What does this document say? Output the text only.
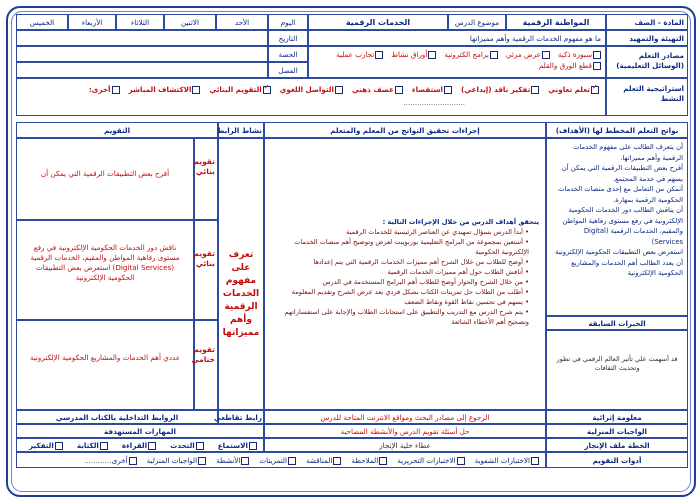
المادة - الصف
المواطنة الرقمية
موضوع الدرس
الخدمات الرقمية
اليوم
الأحد
الاثنين
الثلاثاء
الأربعاء
الخميس
التهيئة والتمهيد
ما هو مفهوم الخدمات الرقمية وأهم مميزاتها
التاريخ
مصادر التعلم (الوسائل التعليمية)
سبورة ذكية
عرض مرئي
برامج الكترونية
أوراق نشاط
تجارب عملية
قطع الورق والقلم
الحصة
الفصل
استراتيجية التعلم النشط
✓تعلم تعاوني
تفكير ناقد (إبداعي)
استقصاء
عصف ذهني
التواصل اللغوي
✓التقويم البنائي
الاكتشاف المباشر
أخرى:
...........................
نواتج التعلم المخطط لها (الأهداف)
إجراءات تحقيق النواتج من المعلم والمتعلم
نشاط الرابط
التقويم
أن يتعرف الطالب على مفهوم الخدمات الرقمية وأهم مميزاتها.
أقرح بعض التطبيقات الرقمية التي يمكن أن يسهم في خدمة المجتمع.
أتمكن من التعامل مع إحدى منصات الخدمات الحكومية الرقمية بمهارة.
أن يناقش الطالب دور الخدمات الحكومية الإلكترونية في رفع مستوى رفاهية المواطن والمقيم، الخدمات الرقمية (Digital Services)
استعرض بعض التطبيقات الحكومية الإلكترونية
أن يعدد الطالب أهم الخدمات والمشاريع الحكومية الإلكترونية
الخبرات السابقة
قد أسهمت علي تأثير العالم الرقمي في تطور وتحديث الثقافات
يتحقق أهداف الدرس من خلال الإجراءات التالية :
• أبدأ الدرس بسؤال تمهيدي عن العناصر الرئيسية للخدمات الرقمية
• أستعين بمجموعة من البرامج التعليمية بوربوينت لعرض وتوضيح أهم منصات الخدمات الإلكترونية الحكومية
• أوضح للطلاب من خلال الشرح أهم مميزات الخدمات الرقمية التي يتم إعدادها
• أناقش الطلاب حول أهم مميزات الخدمات الرقمية
• من خلال الشرح والحوار أوضح للطلاب أهم البرامج المستخدمة في الدرس
• أطلب من الطلاب حل تمرينات الكتاب بشكل فردي بعد عرض الشرح وتقديم المعلومة
• يسهم في تحسين نقاط القوة ونقاط الضعف
• يتم شرح الدرس مع التدريب والتطبيق على استجابات الطلاب والإجابة على استفساراتهم وتصحيح أهم الأخطاء الشائعة
تعرف على مفهوم الخدمات الرقمية وأهم مميزاتها
تقويم بنائي
تقويم بنائي
تقويم ختامي
أقرح بعض التطبيقات الرقمية التي يمكن أن
ناقش دور الخدمات الحكومية الإلكترونية في رفع مستوى رفاهية المواطن والمقيم، الخدمات الرقمية (Digital Services) استعرض بعض التطبيقات الحكومية الإلكترونية
عددي أهم الخدمات والمشاريع الحكومية الإلكترونية
معلومة إثرائية
الرجوع إلى مصادر البحث ومواقع الانترنت المتاحة للدرس
رابط تقاطعي
الروابط التداخلية بالكتاب المدرسي
الواجبات المنزلية
حل أسئلة تقويم الدرس والأنشطة المصاحبة
المهارات المستهدفة
الخطة ملف الإنجاز
عطاء خلية الإنجاز
الاستماع
التحدث
القراءة
الكتابة
التفكير
أدوات التقويم
الاختبارات الشفوية
الاختبارات التحريرية
الملاحظة
المناقشة
التمرينات
الأنشطة
الواجبات المنزلية
أخرى............
